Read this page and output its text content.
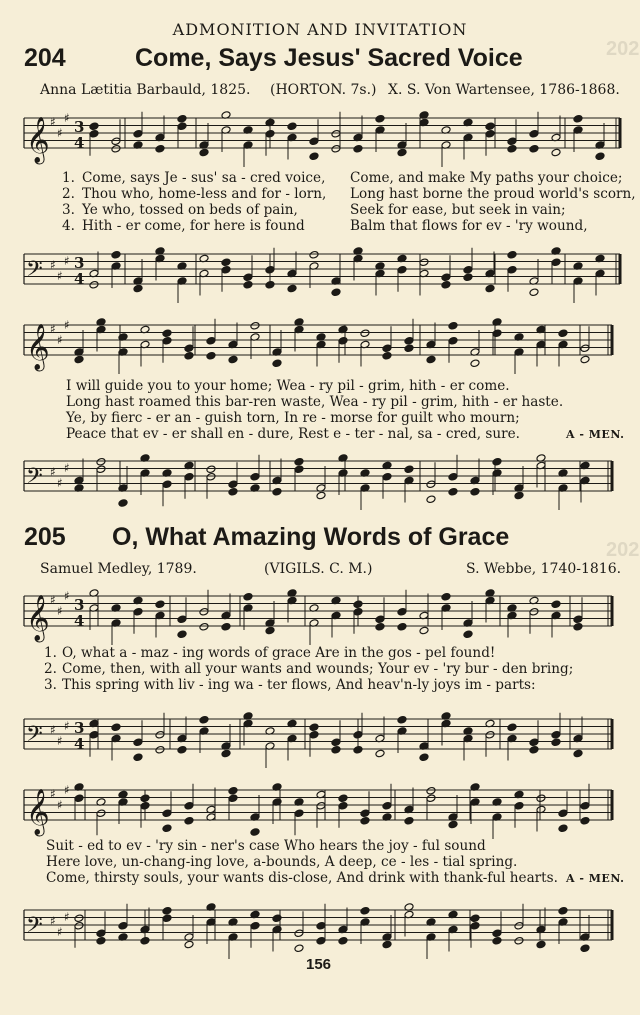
ADMONITION AND INVITATION
204	Come, Says Jesus' Sacred Voice
Anna Lætitia Barbauld, 1825. (HORTON. 7s.) X. S. Von Wartensee, 1786-1868.
1. Come, says Je - sus' sa - cred voice, Come, and make My paths your choice;
2. Thou who, home-less and for - lorn, Long hast borne the proud world's scorn,
3. Ye who, tossed on beds of pain,	Seek for ease, but seek in vain;
4. Hith - er come, for here is found	Balm that flows for ev - 'ry wound,
I will guide you to your home; Wea - ry pil - grim, hith - er come.
Long hast roamed this bar-ren waste, Wea - ry pil - grim, hith - er haste.
Ye, by fierc - er an - guish torn, In re - morse for guilt who mourn;
Peace that ev - er shall en - dure, Rest e - ter - nal, sa - cred, sure.	A - MEN.
205 O, What Amazing Words of Grace
Samuel Medley, 1789.	(VIGILS. C. M.)	S. Webbe, 1740-1816.
1. O, what a - maz - ing words of grace Are in the gos - pel found!
2. Come, then, with all your wants and wounds; Your ev - 'ry bur - den bring;
3. This spring with liv - ing wa - ter flows, And heav'n-ly joys im - parts:
Suit - ed to ev - 'ry sin - ner's case Who hears the joy - ful sound
Here love, un-chang-ing love, a-bounds, A deep, ce - les - tial spring.
Come, thirsty souls, your wants dis-close, And drink with thank-ful hearts. A - MEN.
156
202
202
𝄞 ♯
♯
♯ 3
4
𝄢 ♯
♯
♯ 3
4
𝄞 ♯
♯
♯
𝄢 ♯
♯
♯
𝄞 ♯
♯
♯ 3
4
𝄢 ♯
♯
♯ 3
4
𝄞 ♯
♯
♯
𝄢 ♯
♯
♯
